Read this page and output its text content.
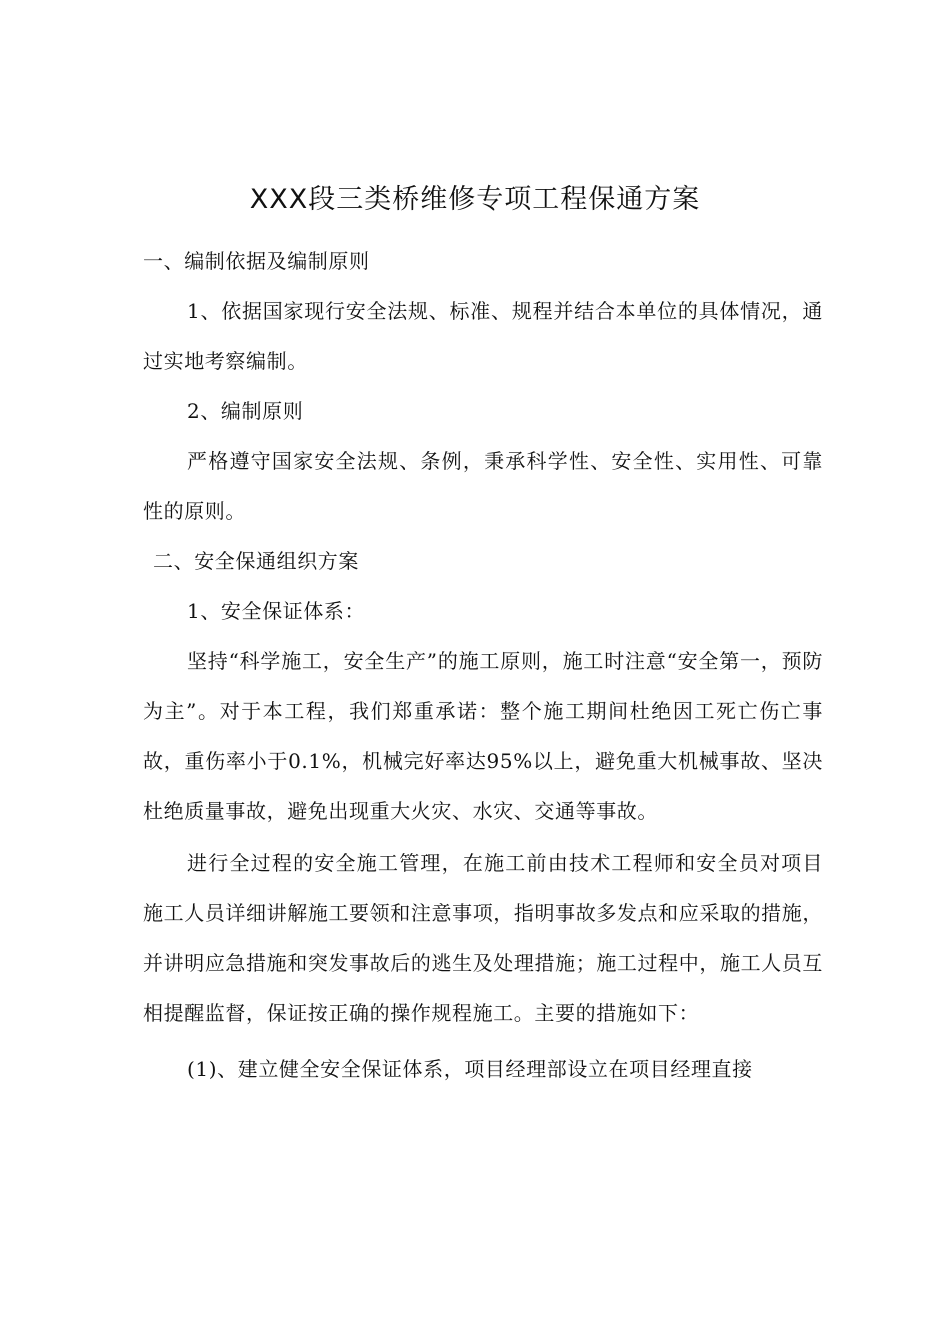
XXX段三类桥维修专项工程保通方案

一、编制依据及编制原则

1、依据国家现行安全法规、标准、规程并结合本单位的具体情况，通过实地考察编制。

2、编制原则

严格遵守国家安全法规、条例，秉承科学性、安全性、实用性、可靠性的原则。

二、安全保通组织方案

1、安全保证体系：

坚持“科学施工，安全生产”的施工原则，施工时注意“安全第一，预防为主”。对于本工程，我们郑重承诺：整个施工期间杜绝因工死亡伤亡事故，重伤率小于0.1%，机械完好率达95%以上，避免重大机械事故、坚决杜绝质量事故，避免出现重大火灾、水灾、交通等事故。

进行全过程的安全施工管理，在施工前由技术工程师和安全员对项目施工人员详细讲解施工要领和注意事项，指明事故多发点和应采取的措施，并讲明应急措施和突发事故后的逃生及处理措施；施工过程中，施工人员互相提醒监督，保证按正确的操作规程施工。主要的措施如下：

(1)、建立健全安全保证体系，项目经理部设立在项目经理直接
